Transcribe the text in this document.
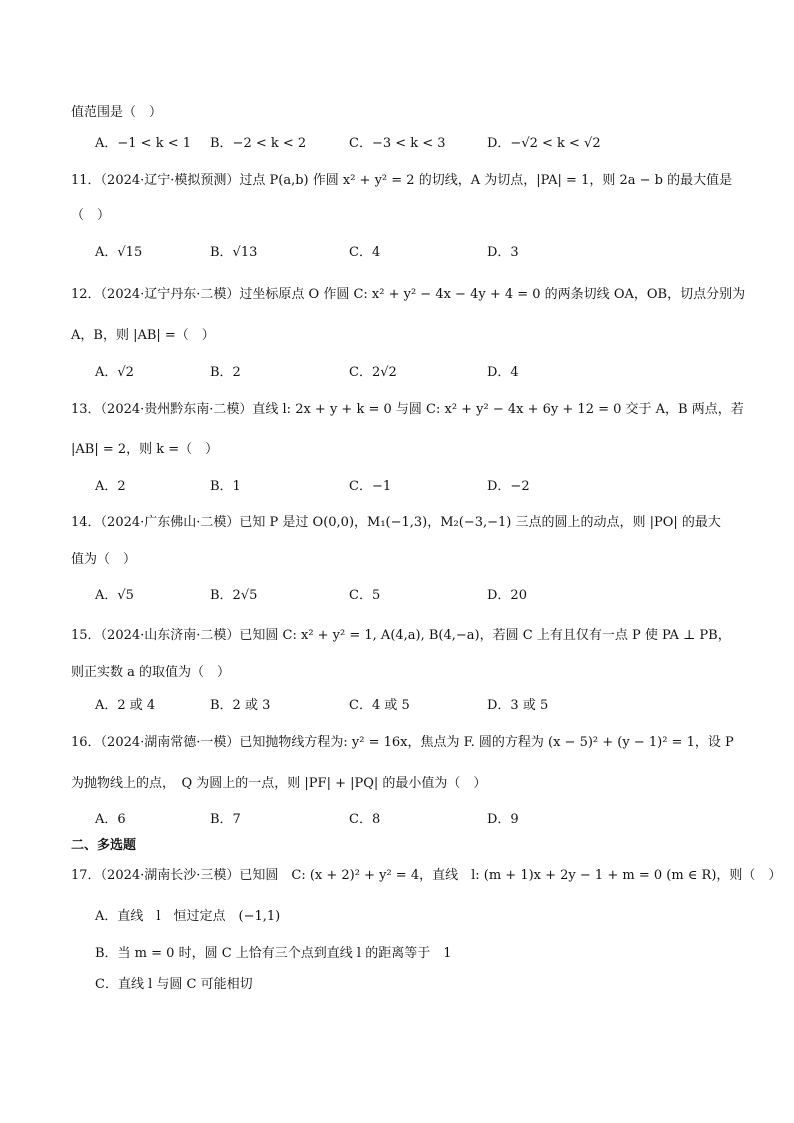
值范围是（　）
A．−1 < k < 1 B．−2 < k < 2	C．−3 < k < 3	D．−√2 < k < √2
11．（2024·辽宁·模拟预测）过点 P(a,b) 作圆 x² + y² = 2 的切线，A 为切点，|PA| = 1，则 2a − b 的最大值是
（　）
A．√15	B．√13	C．4	D．3
12．（2024·辽宁丹东·二模）过坐标原点 O 作圆 C: x² + y² − 4x − 4y + 4 = 0 的两条切线 OA，OB，切点分别为
A，B，则 |AB| =（　）
A．√2	B．2	C．2√2	D．4
13．（2024·贵州黔东南·二模）直线 l: 2x + y + k = 0 与圆 C: x² + y² − 4x + 6y + 12 = 0 交于 A，B 两点，若
|AB| = 2，则 k =（　）
A．2	B．1	C．−1	D．−2
14．（2024·广东佛山·二模）已知 P 是过 O(0,0)，M₁(−1,3)，M₂(−3,−1) 三点的圆上的动点，则 |PO| 的最大
值为（　）
A．√5	B．2√5	C．5	D．20
15．（2024·山东济南·二模）已知圆 C: x² + y² = 1, A(4,a), B(4,−a)，若圆 C 上有且仅有一点 P 使 PA ⊥ PB，
则正实数 a 的取值为（　）
A．2 或 4	B．2 或 3	C．4 或 5	D．3 或 5
16．（2024·湖南常德·一模）已知抛物线方程为: y² = 16x，焦点为 F. 圆的方程为 (x − 5)² + (y − 1)² = 1，设 P
为抛物线上的点，　Q 为圆上的一点，则 |PF| + |PQ| 的最小值为（　）
A．6	B．7	C．8	D．9
二、多选题
17．（2024·湖南长沙·三模）已知圆　C: (x + 2)² + y² = 4，直线　l: (m + 1)x + 2y − 1 + m = 0 (m ∈ R)，则（　）
A．直线　l　恒过定点　(−1,1)
B．当 m = 0 时，圆 C 上恰有三个点到直线 l 的距离等于　1
C．直线 l 与圆 C 可能相切
